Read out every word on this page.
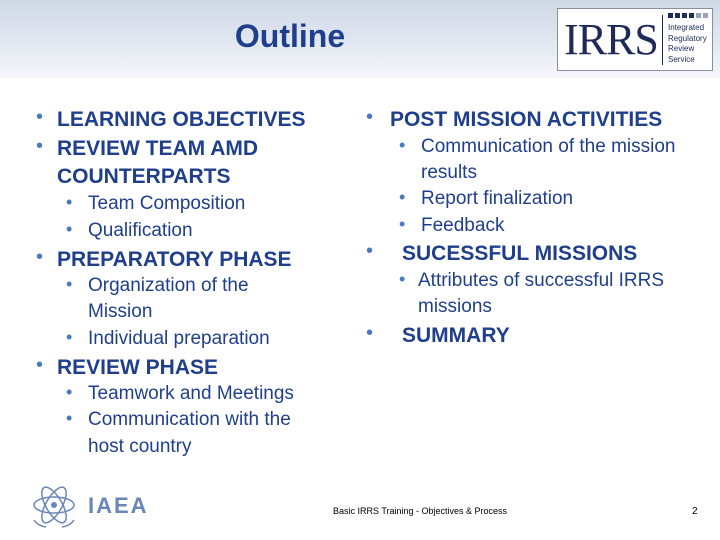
Outline	IRRS Integrated
Regulatory
Review
Service
• LEARNING OBJECTIVES
• REVIEW TEAM AMD
COUNTERPARTS
• Team Composition
• Qualification
• PREPARATORY PHASE
• Organization of the
Mission
• Individual preparation
• REVIEW PHASE
• Teamwork and Meetings
• Communication with the
host country
• POST MISSION ACTIVITIES
• Communication of the mission
results
• Report finalization
• Feedback
• SUCESSFUL MISSIONS
• Attributes of successful IRRS
missions
• SUMMARY
IAEA	Basic IRRS Training - Objectives & Process	2
